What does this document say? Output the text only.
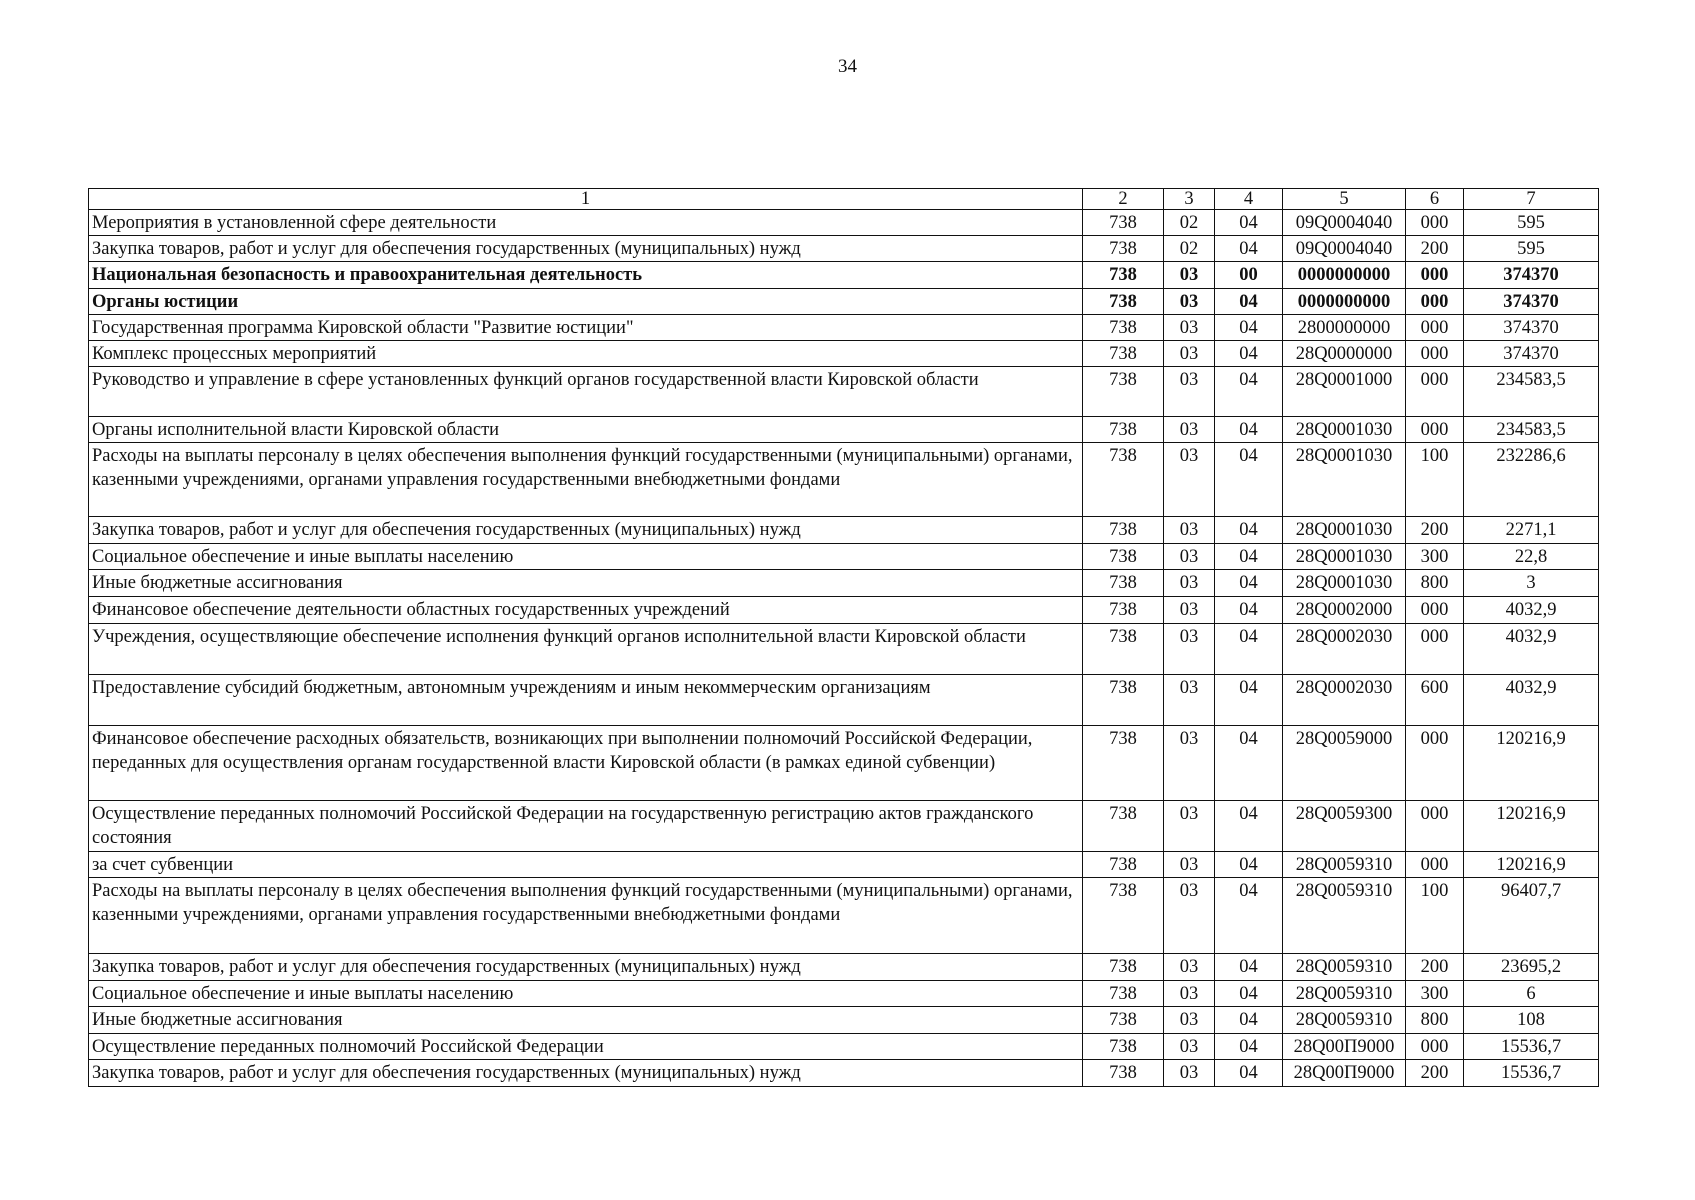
34
1	2	3	4	5	6	7
Мероприятия в установленной сфере деятельности	738	02	04	09Q0004040	000	595
Закупка товаров, работ и услуг для обеспечения государственных (муниципальных) нужд	738	02	04	09Q0004040	200	595
Национальная безопасность и правоохранительная деятельность	738	03	00	0000000000	000	374370
Органы юстиции	738	03	04	0000000000	000	374370
Государственная программа Кировской области "Развитие юстиции"	738	03	04	2800000000	000	374370
Комплекс процессных мероприятий	738	03	04	28Q0000000	000	374370
Руководство и управление в сфере установленных функций органов государственной власти Кировской области	738	03	04	28Q0001000	000	234583,5
Органы исполнительной власти Кировской области	738	03	04	28Q0001030	000	234583,5
Расходы на выплаты персоналу в целях обеспечения выполнения функций государственными (муниципальными) органами, казенными учреждениями, органами управления государственными внебюджетными фондами	738	03	04	28Q0001030	100	232286,6
Закупка товаров, работ и услуг для обеспечения государственных (муниципальных) нужд	738	03	04	28Q0001030	200	2271,1
Социальное обеспечение и иные выплаты населению	738	03	04	28Q0001030	300	22,8
Иные бюджетные ассигнования	738	03	04	28Q0001030	800	3
Финансовое обеспечение деятельности областных государственных учреждений	738	03	04	28Q0002000	000	4032,9
Учреждения, осуществляющие обеспечение исполнения функций органов исполнительной власти Кировской области	738	03	04	28Q0002030	000	4032,9
Предоставление субсидий бюджетным, автономным учреждениям и иным некоммерческим организациям	738	03	04	28Q0002030	600	4032,9
Финансовое обеспечение расходных обязательств, возникающих при выполнении полномочий Российской Федерации, переданных для осуществления органам государственной власти Кировской области (в рамках единой субвенции)	738	03	04	28Q0059000	000	120216,9
Осуществление переданных полномочий Российской Федерации на государственную регистрацию актов гражданского состояния	738	03	04	28Q0059300	000	120216,9
за счет субвенции	738	03	04	28Q0059310	000	120216,9
Расходы на выплаты персоналу в целях обеспечения выполнения функций государственными (муниципальными) органами, казенными учреждениями, органами управления государственными внебюджетными фондами	738	03	04	28Q0059310	100	96407,7
Закупка товаров, работ и услуг для обеспечения государственных (муниципальных) нужд	738	03	04	28Q0059310	200	23695,2
Социальное обеспечение и иные выплаты населению	738	03	04	28Q0059310	300	6
Иные бюджетные ассигнования	738	03	04	28Q0059310	800	108
Осуществление переданных полномочий Российской Федерации	738	03	04	28Q00П9000	000	15536,7
Закупка товаров, работ и услуг для обеспечения государственных (муниципальных) нужд	738	03	04	28Q00П9000	200	15536,7
